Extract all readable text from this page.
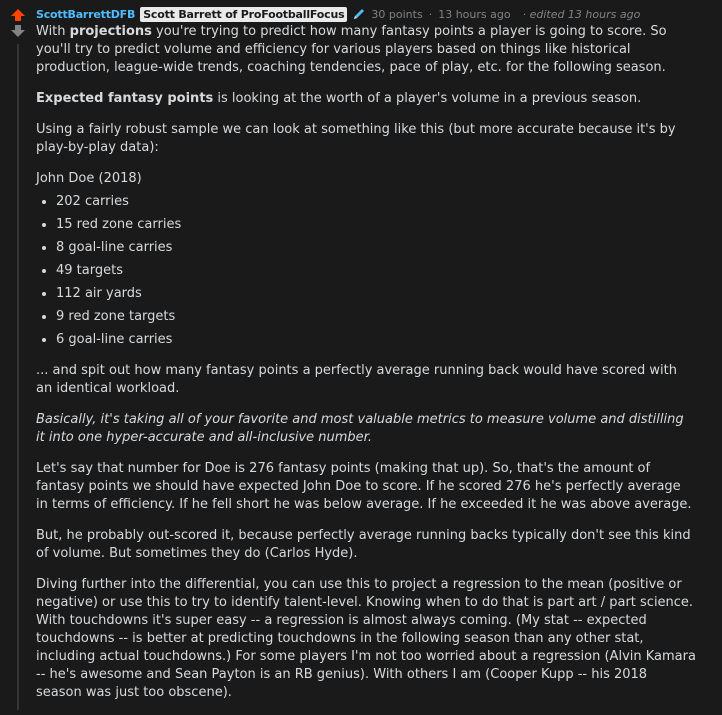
ScottBarrettDFB Scott Barrett of ProFootballFocus 30 points · 13 hours ago · edited 13 hours ago

With projections you're trying to predict how many fantasy points a player is going to score. So you'll try to predict volume and efficiency for various players based on things like historical production, league-wide trends, coaching tendencies, pace of play, etc. for the following season.

Expected fantasy points is looking at the worth of a player's volume in a previous season.

Using a fairly robust sample we can look at something like this (but more accurate because it's by play-by-play data):

John Doe (2018)

• 202 carries
• 15 red zone carries
• 8 goal-line carries
• 49 targets
• 112 air yards
• 9 red zone targets
• 6 goal-line carries

... and spit out how many fantasy points a perfectly average running back would have scored with an identical workload.

Basically, it's taking all of your favorite and most valuable metrics to measure volume and distilling it into one hyper-accurate and all-inclusive number.

Let's say that number for Doe is 276 fantasy points (making that up). So, that's the amount of fantasy points we should have expected John Doe to score. If he scored 276 he's perfectly average in terms of efficiency. If he fell short he was below average. If he exceeded it he was above average.

But, he probably out-scored it, because perfectly average running backs typically don't see this kind of volume. But sometimes they do (Carlos Hyde).

Diving further into the differential, you can use this to project a regression to the mean (positive or negative) or use this to try to identify talent-level. Knowing when to do that is part art / part science. With touchdowns it's super easy -- a regression is almost always coming. (My stat -- expected touchdowns -- is better at predicting touchdowns in the following season than any other stat, including actual touchdowns.) For some players I'm not too worried about a regression (Alvin Kamara -- he's awesome and Sean Payton is an RB genius). With others I am (Cooper Kupp -- his 2018 season was just too obscene).
